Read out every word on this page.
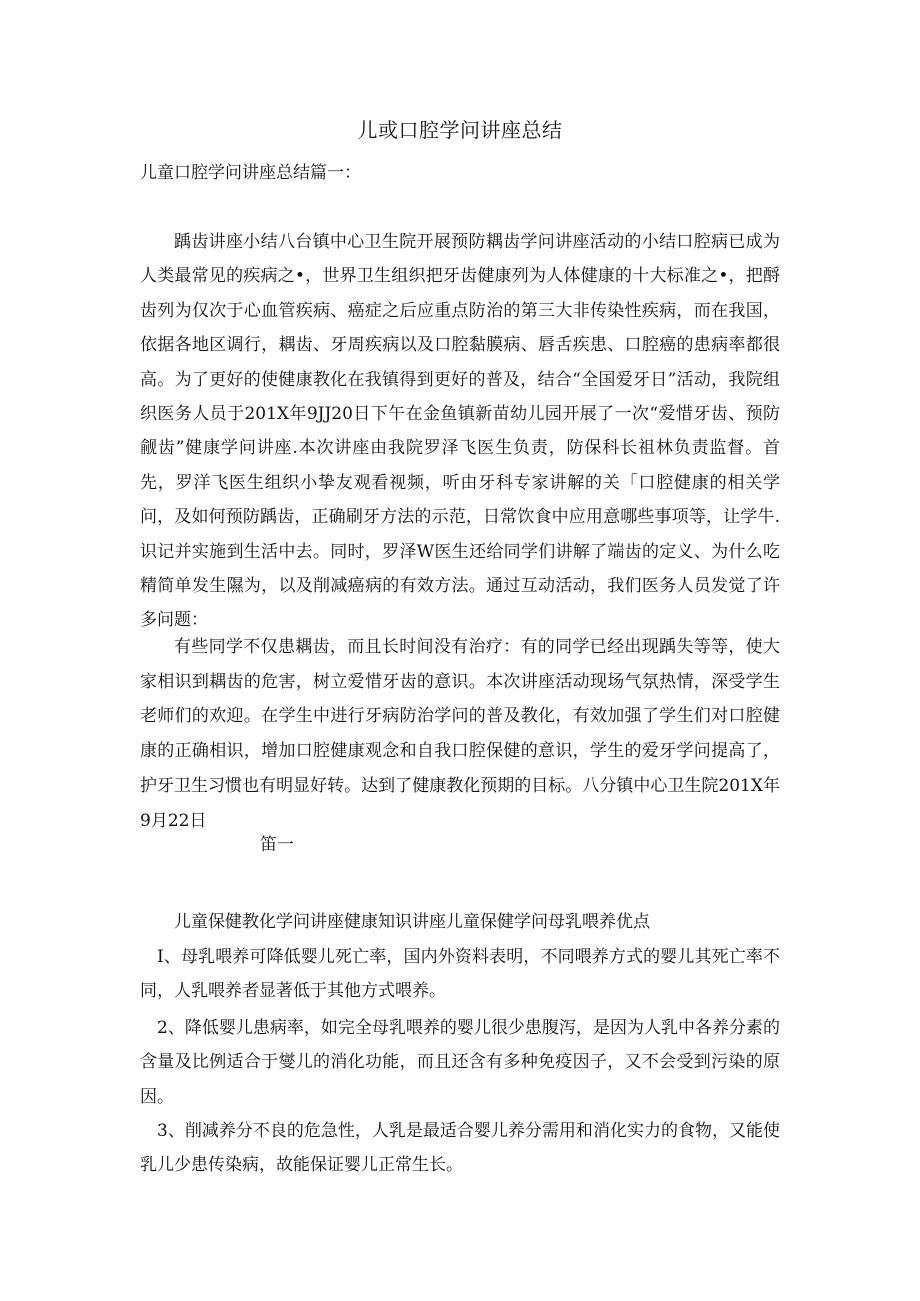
儿或口腔学问讲座总结
儿童口腔学问讲座总结篇一：

踽齿讲座小结八台镇中心卫生院开展预防耦齿学问讲座活动的小结口腔病已成为人类最常见的疾病之•，世界卫生组织把牙齿健康列为人体健康的十大标准之•，把酹齿列为仅次于心血管疾病、癌症之后应重点防治的第三大非传染性疾病，而在我国，依据各地区调行，耦齿、牙周疾病以及口腔黏膜病、唇舌疾患、口腔癌的患病率都很高。为了更好的使健康教化在我镇得到更好的普及，结合“全国爱牙日”活动，我院组织医务人员于201X年9JJ20日下午在金鱼镇新苗幼儿园开展了一次“爱惜牙齿、预防觎齿”健康学问讲座.本次讲座由我院罗泽飞医生负责，防保科长祖林负责监督。首先，罗洋飞医生组织小挚友观看视频，听由牙科专家讲解的关「口腔健康的相关学问，及如何预防踽齿，正确刷牙方法的示范，日常饮食中应用意哪些事项等，让学牛.识记并实施到生活中去。同时，罗泽W医生还给同学们讲解了端齿的定义、为什么吃精简单发生隰为，以及削减癌病的有效方法。通过互动活动，我们医务人员发觉了许多问题：

有些同学不仅患耦齿，而且长时间没有治疗：有的同学已经出现踽失等等，使大家相识到耦齿的危害，树立爱惜牙齿的意识。本次讲座活动现场气氛热情，深受学生老师们的欢迎。在学生中进行牙病防治学问的普及教化，有效加强了学生们对口腔健康的正确相识，增加口腔健康观念和自我口腔保健的意识，学生的爱牙学问提高了，护牙卫生习惯也有明显好转。达到了健康教化预期的目标。八分镇中心卫生院201X年9月22日

笛一

儿童保健教化学问讲座健康知识讲座儿童保健学问母乳喂养优点

I、母乳喂养可降低婴儿死亡率，国内外资料表明，不同喂养方式的婴儿其死亡率不同，人乳喂养者显著低于其他方式喂养。

2、降低婴儿患病率，如完全母乳喂养的婴儿很少患腹泻，是因为人乳中各养分素的含量及比例适合于燮儿的消化功能，而且还含有多种免疫因子，又不会受到污染的原因。

3、削减养分不良的危急性，人乳是最适合婴儿养分需用和消化实力的食物，又能使乳儿少患传染病，故能保证婴儿正常生长。
